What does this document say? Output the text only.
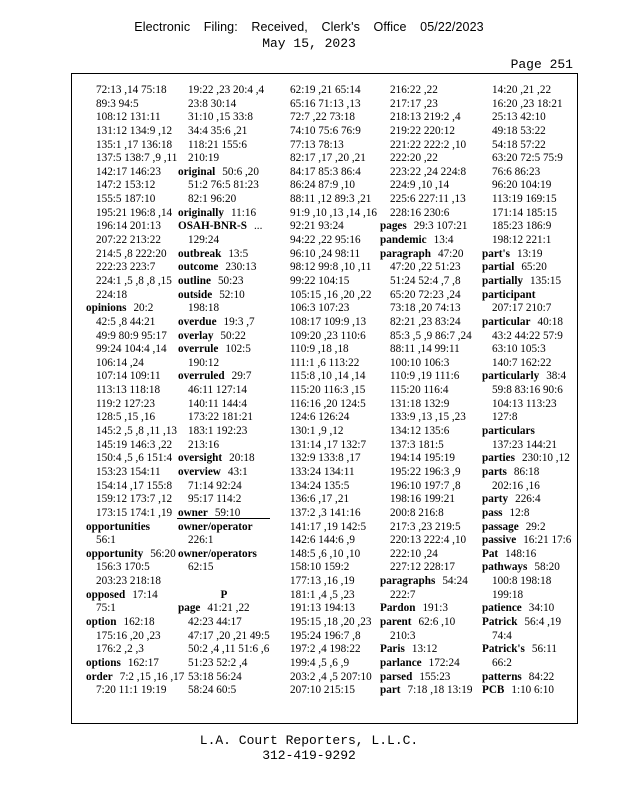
Electronic Filing: Received, Clerk's Office 05/22/2023
May 15, 2023
Page 251
72:13 ,14 75:18
89:3 94:5
108:12 131:11
131:12 134:9 ,12
135:1 ,17 136:18
137:5 138:7 ,9 ,11
142:17 146:23
147:2 153:12
155:5 187:10
195:21 196:8 ,14
196:14 201:13
207:22 213:22
214:5 ,8 222:20
222:23 223:7
224:1 ,5 ,8 ,8 ,15
224:18
opinions 20:2
42:5 ,8 44:21
49:9 80:9 95:17
99:24 104:4 ,14
106:14 ,24
107:14 109:11
113:13 118:18
119:2 127:23
128:5 ,15 ,16
145:2 ,5 ,8 ,11 ,13
145:19 146:3 ,22
150:4 ,5 ,6 151:4
153:23 154:11
154:14 ,17 155:8
159:12 173:7 ,12
173:15 174:1 ,19
opportunities
56:1
opportunity 56:20
156:3 170:5
203:23 218:18
opposed 17:14
75:1
option 162:18
175:16 ,20 ,23
176:2 ,2 ,3
options 162:17
order 7:2 ,15 ,16 ,17
7:20 11:1 19:19
19:22 ,23 20:4 ,4
23:8 30:14
31:10 ,15 33:8
34:4 35:6 ,21
118:21 155:6
210:19
original 50:6 ,20
51:2 76:5 81:23
82:1 96:20
originally 11:16
OSAH-BNR-S ...
129:24
outbreak 13:5
outcome 230:13
outline 50:23
outside 52:10
198:18
overdue 19:3 ,7
overlay 50:22
overrule 102:5
190:12
overruled 29:7
46:11 127:14
140:11 144:4
173:22 181:21
183:1 192:23
213:16
oversight 20:18
overview 43:1
71:14 92:24
95:17 114:2
owner 59:10
owner/operator
226:1
owner/operators
62:15
P
page 41:21 ,22
42:23 44:17
47:17 ,20 ,21 49:5
50:2 ,4 ,11 51:6 ,6
51:23 52:2 ,4
53:18 56:24
58:24 60:5
62:19 ,21 65:14
65:16 71:13 ,13
72:7 ,22 73:18
74:10 75:6 76:9
77:13 78:13
82:17 ,17 ,20 ,21
84:17 85:3 86:4
86:24 87:9 ,10
88:11 ,12 89:3 ,21
91:9 ,10 ,13 ,14 ,16
92:21 93:24
94:22 ,22 95:16
96:10 ,24 98:11
98:12 99:8 ,10 ,11
99:22 104:15
105:15 ,16 ,20 ,22
106:3 107:23
108:17 109:9 ,13
109:20 ,23 110:6
110:9 ,18 ,18
111:1 ,6 113:22
115:8 ,10 ,14 ,14
115:20 116:3 ,15
116:16 ,20 124:5
124:6 126:24
130:1 ,9 ,12
131:14 ,17 132:7
132:9 133:8 ,17
133:24 134:11
134:24 135:5
136:6 ,17 ,21
137:2 ,3 141:16
141:17 ,19 142:5
142:6 144:6 ,9
148:5 ,6 ,10 ,10
158:10 159:2
177:13 ,16 ,19
181:1 ,4 ,5 ,23
191:13 194:13
195:15 ,18 ,20 ,23
195:24 196:7 ,8
197:2 ,4 198:22
199:4 ,5 ,6 ,9
203:2 ,4 ,5 207:10
207:10 215:15
216:22 ,22
217:17 ,23
218:13 219:2 ,4
219:22 220:12
221:22 222:2 ,10
222:20 ,22
223:22 ,24 224:8
224:9 ,10 ,14
225:6 227:11 ,13
228:16 230:6
pages 29:3 107:21
pandemic 13:4
paragraph 47:20
47:20 ,22 51:23
51:24 52:4 ,7 ,8
65:20 72:23 ,24
73:18 ,20 74:13
82:21 ,23 83:24
85:3 ,5 ,9 86:7 ,24
88:11 ,14 99:11
100:10 106:3
110:9 ,19 111:6
115:20 116:4
131:18 132:9
133:9 ,13 ,15 ,23
134:12 135:6
137:3 181:5
194:14 195:19
195:22 196:3 ,9
196:10 197:7 ,8
198:16 199:21
200:8 216:8
217:3 ,23 219:5
220:13 222:4 ,10
222:10 ,24
227:12 228:17
paragraphs 54:24
222:7
Pardon 191:3
parent 62:6 ,10
210:3
Paris 13:12
parlance 172:24
parsed 155:23
part 7:18 ,18 13:19
14:20 ,21 ,22
16:20 ,23 18:21
25:13 42:10
49:18 53:22
54:18 57:22
63:20 72:5 75:9
76:6 86:23
96:20 104:19
113:19 169:15
171:14 185:15
185:23 186:9
198:12 221:1
part's 13:19
partial 65:20
partially 135:15
participant
207:17 210:7
particular 40:18
43:2 44:22 57:9
63:10 105:3
140:7 162:22
particularly 38:4
59:8 83:16 90:6
104:13 113:23
127:8
particulars
137:23 144:21
parties 230:10 ,12
parts 86:18
202:16 ,16
party 226:4
pass 12:8
passage 29:2
passive 16:21 17:6
Pat 148:16
pathways 58:20
100:8 198:18
199:18
patience 34:10
Patrick 56:4 ,19
74:4
Patrick's 56:11
66:2
patterns 84:22
PCB 1:10 6:10
L.A. Court Reporters, L.L.C.
312-419-9292
